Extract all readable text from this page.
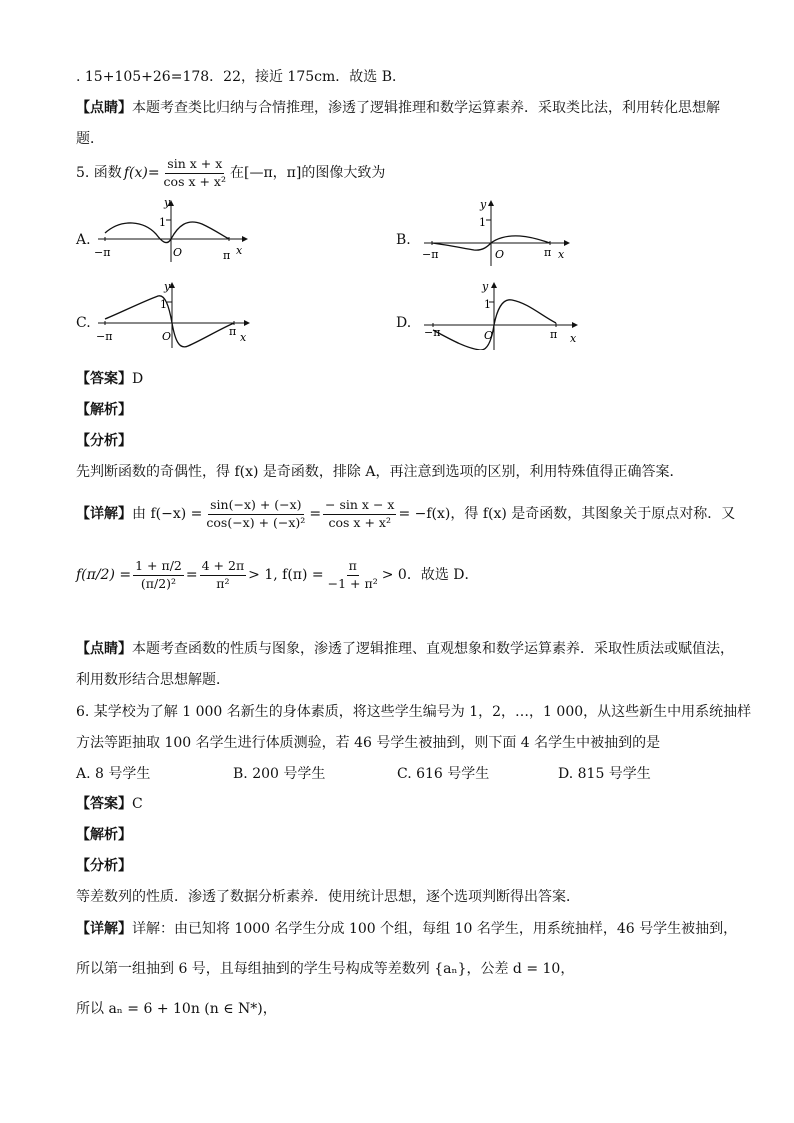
. 15+105+26=178．22，接近 175cm．故选 B．
【点睛】本题考查类比归纳与合情推理，渗透了逻辑推理和数学运算素养．采取类比法，利用转化思想解
题．
5. 函数 $f(x)= \frac{\text{sin x + x}}{\text{cos x + x²}}$ 在[—π，π]的图像大致为
A.	B.
C.	D.
y
1
O
−π	π x
y
1
O
−π	π x
y
1
O
−π	π x
y
1
O
−π	π x
【答案】D
【解析】
【分析】
先判断函数的奇偶性，得 f(x) 是奇函数，排除 A，再注意到选项的区别，利用特殊值得正确答案．
【详解】 由 $f(-x) = \frac{\sin(-x) + (-x)}{\text{cos(−x) + (−x)²}} = \frac{\text{− sin x − x}}{\text{cos x + x²}} = -f(x)$，得 f(x) 是奇函数，其图象关于原点对称．又
$f(\pi/2) = \frac{1 + \pi/2}{\text{(π/2)²}} = \frac{4 + 2\pi}{\text{π²}} > 1$, $f(\pi) = \frac{\pi}{\text{−1 + π²}} > 0$．故选 D．
【点睛】本题考查函数的性质与图象，渗透了逻辑推理、直观想象和数学运算素养．采取性质法或赋值法，
利用数形结合思想解题．
6. 某学校为了解 1 000 名新生的身体素质，将这些学生编号为 1，2，…，1 000，从这些新生中用系统抽样
方法等距抽取 100 名学生进行体质测验，若 46 号学生被抽到，则下面 4 名学生中被抽到的是
A. 8 号学生	B. 200 号学生	C. 616 号学生	D. 815 号学生
【答案】C
【解析】
【分析】
等差数列的性质．渗透了数据分析素养．使用统计思想，逐个选项判断得出答案．
【详解】详解：由已知将 1000 名学生分成 100 个组，每组 10 名学生，用系统抽样，46 号学生被抽到，
所以第一组抽到 6 号，且每组抽到的学生号构成等差数列 {aₙ}，公差 d = 10，
所以 aₙ = 6 + 10n (n ∈ N*)，
